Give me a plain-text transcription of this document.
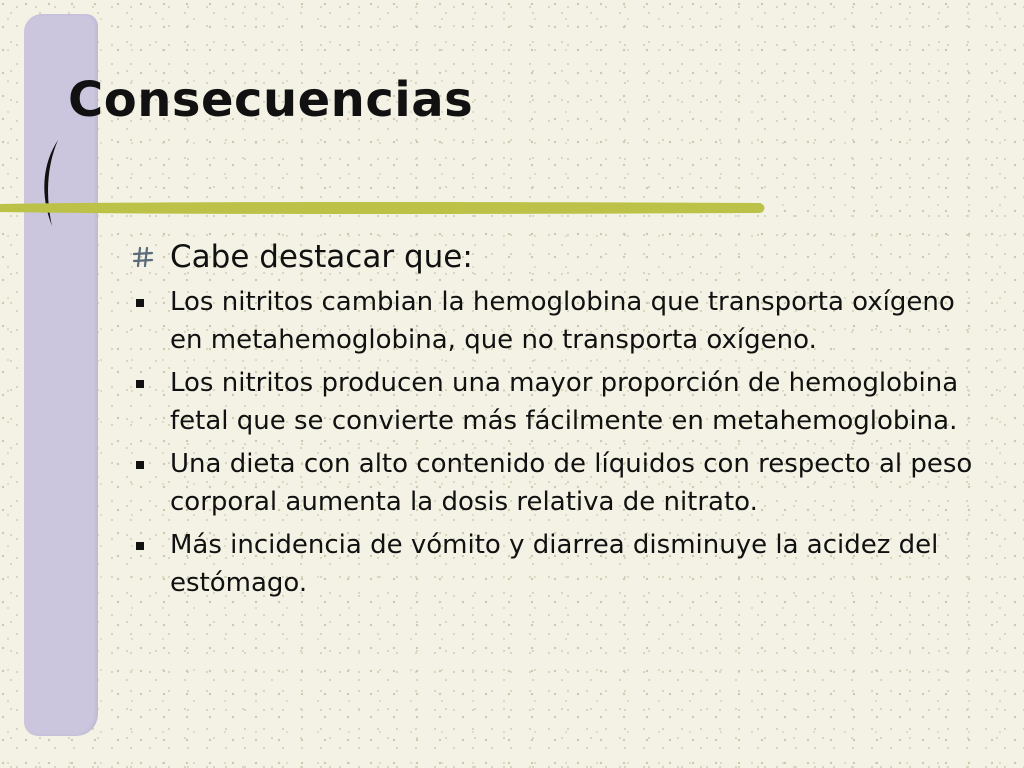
Consecuencias
Cabe destacar que:
Los nitritos cambian la hemoglobina que transporta oxígeno en metahemoglobina, que no transporta oxígeno.
Los nitritos producen una mayor proporción de hemoglobina fetal que se convierte más fácilmente en metahemoglobina.
Una dieta con alto contenido de líquidos con respecto al peso corporal aumenta la dosis relativa de nitrato.
Más incidencia de vómito y diarrea disminuye la acidez del estómago.
